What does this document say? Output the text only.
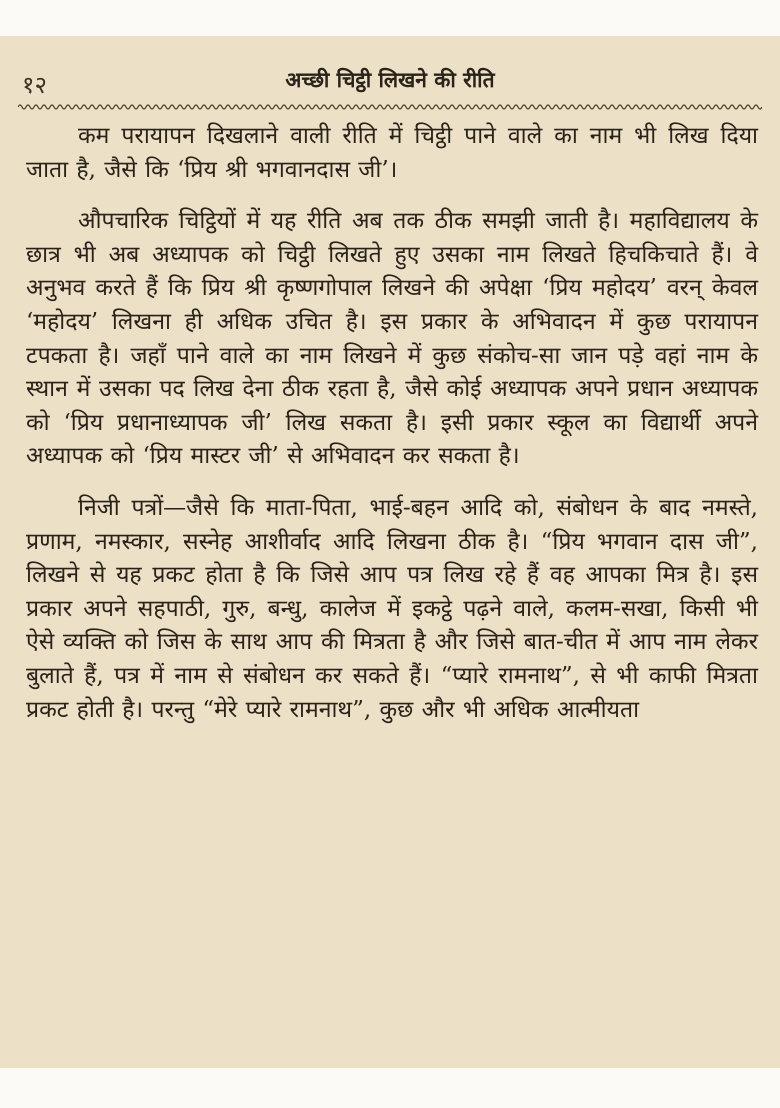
१२	अच्छी चिट्ठी लिखने की रीति

कम परायापन दिखलाने वाली रीति में चिट्ठी पाने वाले का नाम भी लिख दिया जाता है, जैसे कि ‘प्रिय श्री भगवानदास जी’।

औपचारिक चिट्ठियों में यह रीति अब तक ठीक समझी जाती है। महाविद्यालय के छात्र भी अब अध्यापक को चिट्ठी लिखते हुए उसका नाम लिखते हिचकिचाते हैं। वे अनुभव करते हैं कि प्रिय श्री कृष्णगोपाल लिखने की अपेक्षा ‘प्रिय महोदय’ वरन् केवल ‘महोदय’ लिखना ही अधिक उचित है। इस प्रकार के अभिवादन में कुछ परायापन टपकता है। जहाँ पाने वाले का नाम लिखने में कुछ संकोच-सा जान पड़े वहां नाम के स्थान में उसका पद लिख देना ठीक रहता है, जैसे कोई अध्यापक अपने प्रधान अध्यापक को ‘प्रिय प्रधानाध्यापक जी’ लिख सकता है। इसी प्रकार स्कूल का विद्यार्थी अपने अध्यापक को ‘प्रिय मास्टर जी’ से अभिवादन कर सकता है।

निजी पत्रों—जैसे कि माता-पिता, भाई-बहन आदि को, संबोधन के बाद नमस्ते, प्रणाम, नमस्कार, सस्नेह आशीर्वाद आदि लिखना ठीक है। “प्रिय भगवान दास जी”, लिखने से यह प्रकट होता है कि जिसे आप पत्र लिख रहे हैं वह आपका मित्र है। इस प्रकार अपने सहपाठी, गुरु, बन्धु, कालेज में इकट्ठे पढ़ने वाले, कलम-सखा, किसी भी ऐसे व्यक्ति को जिस के साथ आप की मित्रता है और जिसे बात-चीत में आप नाम लेकर बुलाते हैं, पत्र में नाम से संबोधन कर सकते हैं। “प्यारे रामनाथ”, से भी काफी मित्रता प्रकट होती है। परन्तु “मेरे प्यारे रामनाथ”, कुछ और भी अधिक आत्मीयता
